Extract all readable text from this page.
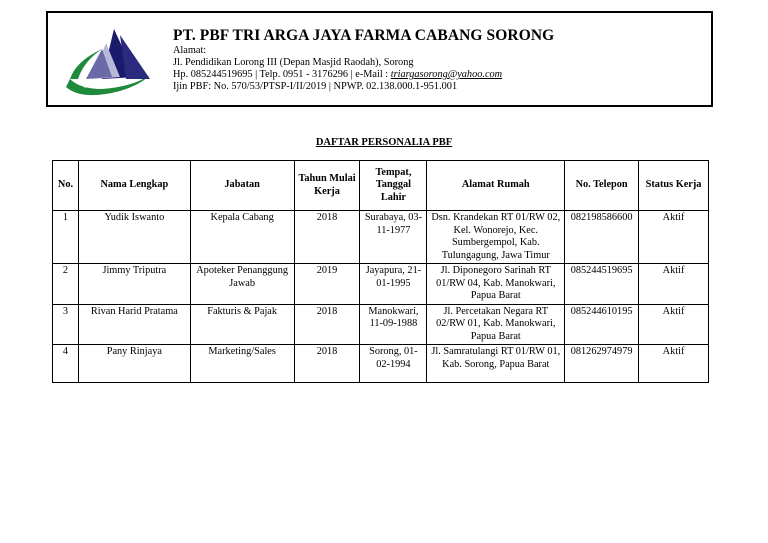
PT. PBF TRI ARGA JAYA FARMA CABANG SORONG
Alamat:
Jl. Pendidikan Lorong III (Depan Masjid Raodah), Sorong
Hp. 085244519695 | Telp. 0951 - 3176296 | e-Mail : triargasorong@yahoo.com
Ijin PBF: No. 570/53/PTSP-I/II/2019 | NPWP. 02.138.000.1-951.001
DAFTAR PERSONALIA PBF
No.	Nama Lengkap	Jabatan	Tahun Mulai Kerja	Tempat, Tanggal Lahir	Alamat Rumah	No. Telepon	Status Kerja
1	Yudik Iswanto	Kepala Cabang	2018	Surabaya, 03-11-1977	Dsn. Krandekan RT 01/RW 02, Kel. Wonorejo, Kec. Sumbergempol, Kab. Tulungagung, Jawa Timur	082198586600	Aktif
2	Jimmy Triputra	Apoteker Penanggung Jawab	2019	Jayapura, 21-01-1995	Jl. Diponegoro Sarinah RT 01/RW 04, Kab. Manokwari, Papua Barat	085244519695	Aktif
3	Rivan Harid Pratama	Fakturis & Pajak	2018	Manokwari, 11-09-1988	Jl. Percetakan Negara RT 02/RW 01, Kab. Manokwari, Papua Barat	085244610195	Aktif
4	Pany Rinjaya	Marketing/Sales	2018	Sorong, 01-02-1994	Jl. Samratulangi RT 01/RW 01, Kab. Sorong, Papua Barat	081262974979	Aktif
